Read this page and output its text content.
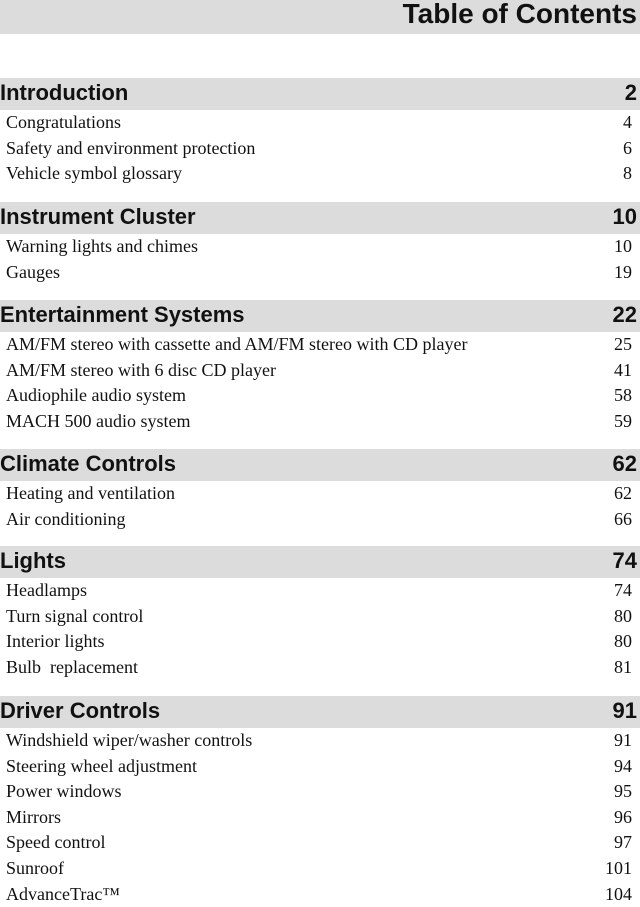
Table of Contents
Introduction	2
Congratulations	4
Safety and environment protection	6
Vehicle symbol glossary	8
Instrument Cluster	10
Warning lights and chimes	10
Gauges	19
Entertainment Systems	22
AM/FM stereo with cassette and AM/FM stereo with CD player	25
AM/FM stereo with 6 disc CD player	41
Audiophile audio system	58
MACH 500 audio system	59
Climate Controls	62
Heating and ventilation	62
Air conditioning	66
Lights	74
Headlamps	74
Turn signal control	80
Interior lights	80
Bulb  replacement	81
Driver Controls	91
Windshield wiper/washer controls	91
Steering wheel adjustment	94
Power windows	95
Mirrors	96
Speed control	97
Sunroof	101
AdvanceTrac™	104
